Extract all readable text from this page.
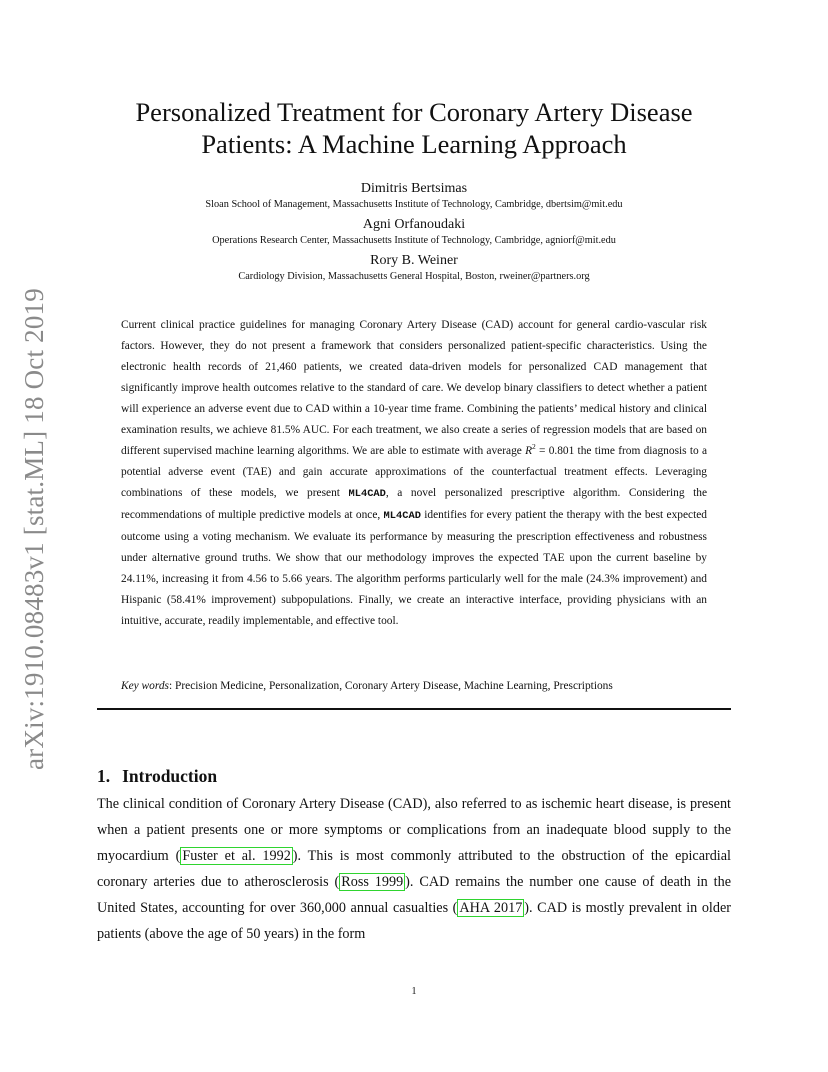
arXiv:1910.08483v1 [stat.ML] 18 Oct 2019
Personalized Treatment for Coronary Artery Disease
Patients: A Machine Learning Approach
Dimitris Bertsimas
Sloan School of Management, Massachusetts Institute of Technology, Cambridge, dbertsim@mit.edu
Agni Orfanoudaki
Operations Research Center, Massachusetts Institute of Technology, Cambridge, agniorf@mit.edu
Rory B. Weiner
Cardiology Division, Massachusetts General Hospital, Boston, rweiner@partners.org

Current clinical practice guidelines for managing Coronary Artery Disease (CAD) account for general cardio-vascular risk factors. However, they do not present a framework that considers personalized patient-specific characteristics. Using the electronic health records of 21,460 patients, we created data-driven models for personalized CAD management that significantly improve health outcomes relative to the standard of care. We develop binary classifiers to detect whether a patient will experience an adverse event due to CAD within a 10-year time frame. Combining the patients’ medical history and clinical examination results, we achieve 81.5% AUC. For each treatment, we also create a series of regression models that are based on different supervised machine learning algorithms. We are able to estimate with average $R^2 = 0.801$ the time from diagnosis to a potential adverse event (TAE) and gain accurate approximations of the counterfactual treatment effects. Leveraging combinations of these models, we present ML4CAD, a novel personalized prescriptive algorithm. Considering the recommendations of multiple predictive models at once, ML4CAD identifies for every patient the therapy with the best expected outcome using a voting mechanism. We evaluate its performance by measuring the prescription effectiveness and robustness under alternative ground truths. We show that our methodology improves the expected TAE upon the current baseline by 24.11%, increasing it from 4.56 to 5.66 years. The algorithm performs particularly well for the male (24.3% improvement) and Hispanic (58.41% improvement) subpopulations. Finally, we create an interactive interface, providing physicians with an intuitive, accurate, readily implementable, and effective tool.

Key words: Precision Medicine, Personalization, Coronary Artery Disease, Machine Learning, Prescriptions
1. Introduction

The clinical condition of Coronary Artery Disease (CAD), also referred to as ischemic heart disease, is present when a patient presents one or more symptoms or complications from an inadequate blood supply to the myocardium ( Fuster et al. 1992 ). This is most commonly attributed to the obstruction of the epicardial coronary arteries due to atherosclerosis ( Ross 1999 ). CAD remains the number one cause of death in the United States, accounting for over 360,000 annual casualties ( AHA 2017 ). CAD is mostly prevalent in older patients (above the age of 50 years) in the form

1
